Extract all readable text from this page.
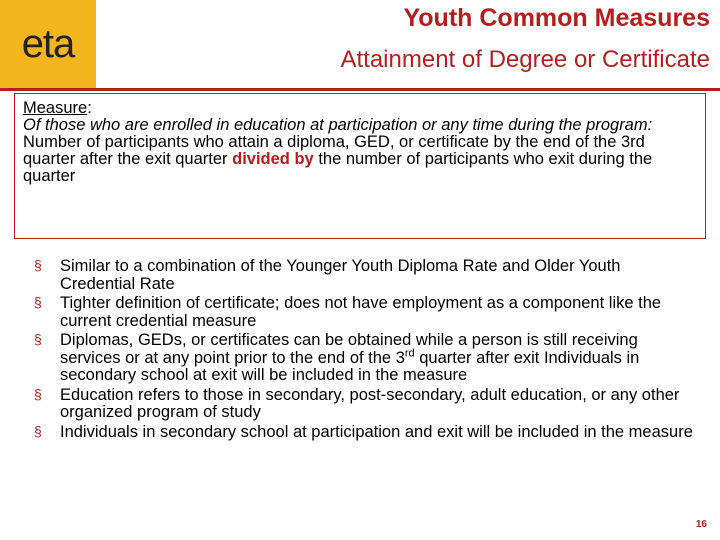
eta
Youth Common Measures
Attainment of Degree or Certificate
Measure:
Of those who are enrolled in education at participation or any time during the program:
Number of participants who attain a diploma, GED, or certificate by the end of the 3rd quarter after the exit quarter divided by the number of participants who exit during the quarter
§
Similar to a combination of the Younger Youth Diploma Rate and Older Youth Credential Rate
§
Tighter definition of certificate; does not have employment as a component like the current credential measure
§
Diplomas, GEDs, or certificates can be obtained while a person is still receiving services or at any point prior to the end of the 3rd quarter after exit Individuals in secondary school at exit will be included in the measure
§
Education refers to those in secondary, post-secondary, adult education, or any other organized program of study
§
Individuals in secondary school at participation and exit will be included in the measure
16
